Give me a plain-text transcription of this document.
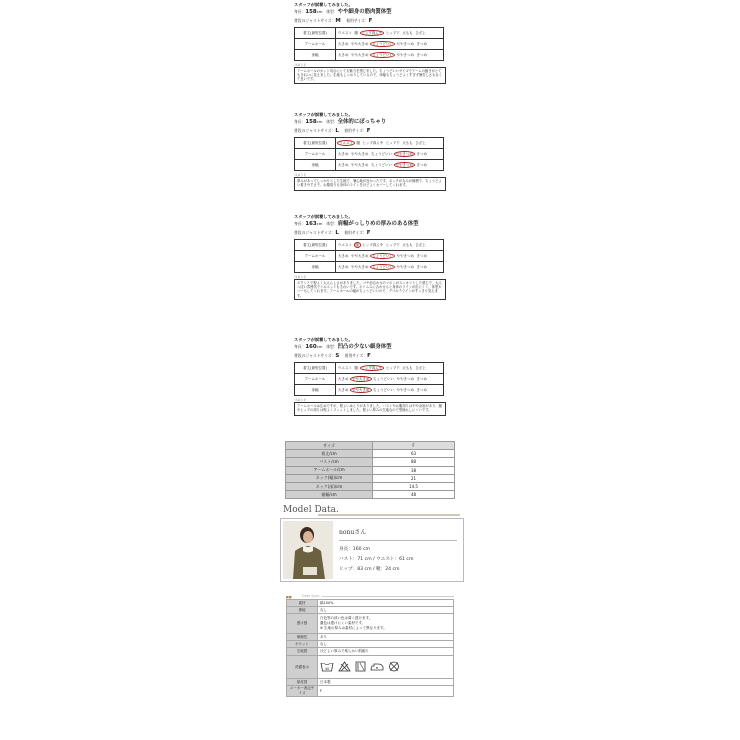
スタッフが試着してみました。
身長：158cm　体型：やや細身の筋肉質体型
普段のジャストサイズ：M　着用サイズ：F
着丈(最短位置)	ウエスト 腰 ヒップ真ん中 ヒップ下 太もも ひざ上
アームホール	大きめ やや大きめ ちょうどいい ややきつめ きつめ
身幅	大きめ やや大きめ ちょうどいい ややきつめ きつめ
コメント
アームホールのカット具合にとても魅力を感じました。ちょうどいいサイズでアームの動きがとてもきれいに見えました。生地もしっかりしているので、体幅もちょうどよくすぎず暑苦しさもなくて良いです。
スタッフが試着してみました。
身長：158cm　体型：全体的にぽっちゃり
普段のジャストサイズ：L　着用サイズ：F
着丈(最短位置)	ウエスト 腰 ヒップ真ん中 ヒップ下 太もも ひざ上
アームホール	大きめ やや大きめ ちょうどいい ややきつめ きつめ
身幅	大きめ やや大きめ ちょうどいい ややきつめ きつめ
コメント
厚みがあってしっかりとした生地で、暑心地が良かったです。ネックが丸みが綺麗で、ちょうどよい着きやすさで、お腹周りも身体のラインをほどよくカバーしてくれます。
スタッフが試着してみました。
身長：163cm　体型：肩幅がっしりめの厚みのある体型
普段のジャストサイズ：L　着用サイズ：F
着丈(最短位置)	ウエスト 腰 ヒップ真ん中 ヒップ下 太もも ひざ上
アームホール	大きめ やや大きめ ちょうどいい ややきつめ きつめ
身幅	大きめ やや大きめ ちょうどいい ややきつめ きつめ
コメント
ボクシイで程よく大人らしさがありました。ゴチ前合わせのリボンがスッキリとした感じで、大人っぽい雰囲気でシルエットもきれいです。ボトムスに合わせると身体のラインが出にくく、体型カバーもしてくれます。アームホールの幅がちょうどいいので、デコルテラインがすっきり見えます。
スタッフが試着してみました。
身長：160cm　体型：凹凸の少ない細身体型
普段のジャストサイズ：S　着用サイズ：F
着丈(最短位置)	ウエスト 腰 ヒップ真ん中 ヒップ下 太もも ひざ上
アームホール	大きめ やや大きめ ちょうどいい ややきつめ きつめ
身幅	大きめ やや大きめ ちょうどいい ややきつめ きつめ
コメント
アームホールは広めですが、程よいゆとりがありました。バストやお腹周りはやや余裕があり、腰やヒップの周りは程よくフィットしました。程よい厚みの生地なので型崩れしにくいです。
サイズ	F
着丈/cm	63
バスト/cm	88
アームホール/cm	38
ネック(幅)/cm	21
ネック(深)/cm	14.5
裾幅/cm	48
Model Data.
nonuさん
身長：160 cm
バスト：71 cm / ウエスト：61 cm
ヒップ：83 cm / 靴：24 cm
■■	Data Spec.
素材	綿100%
裏地	なし
透け感	白色等の淡い色は薄く透けます。
濃色は透けにくい素材です。
※ 生地の厚みは素材によって異なります。
伸縮性	あり
ポケット	なし
生地感	ほどよい厚みで柔らかい肌触り
洗濯表示	40

原産国	日本製
メーカー表記サイズ	F
